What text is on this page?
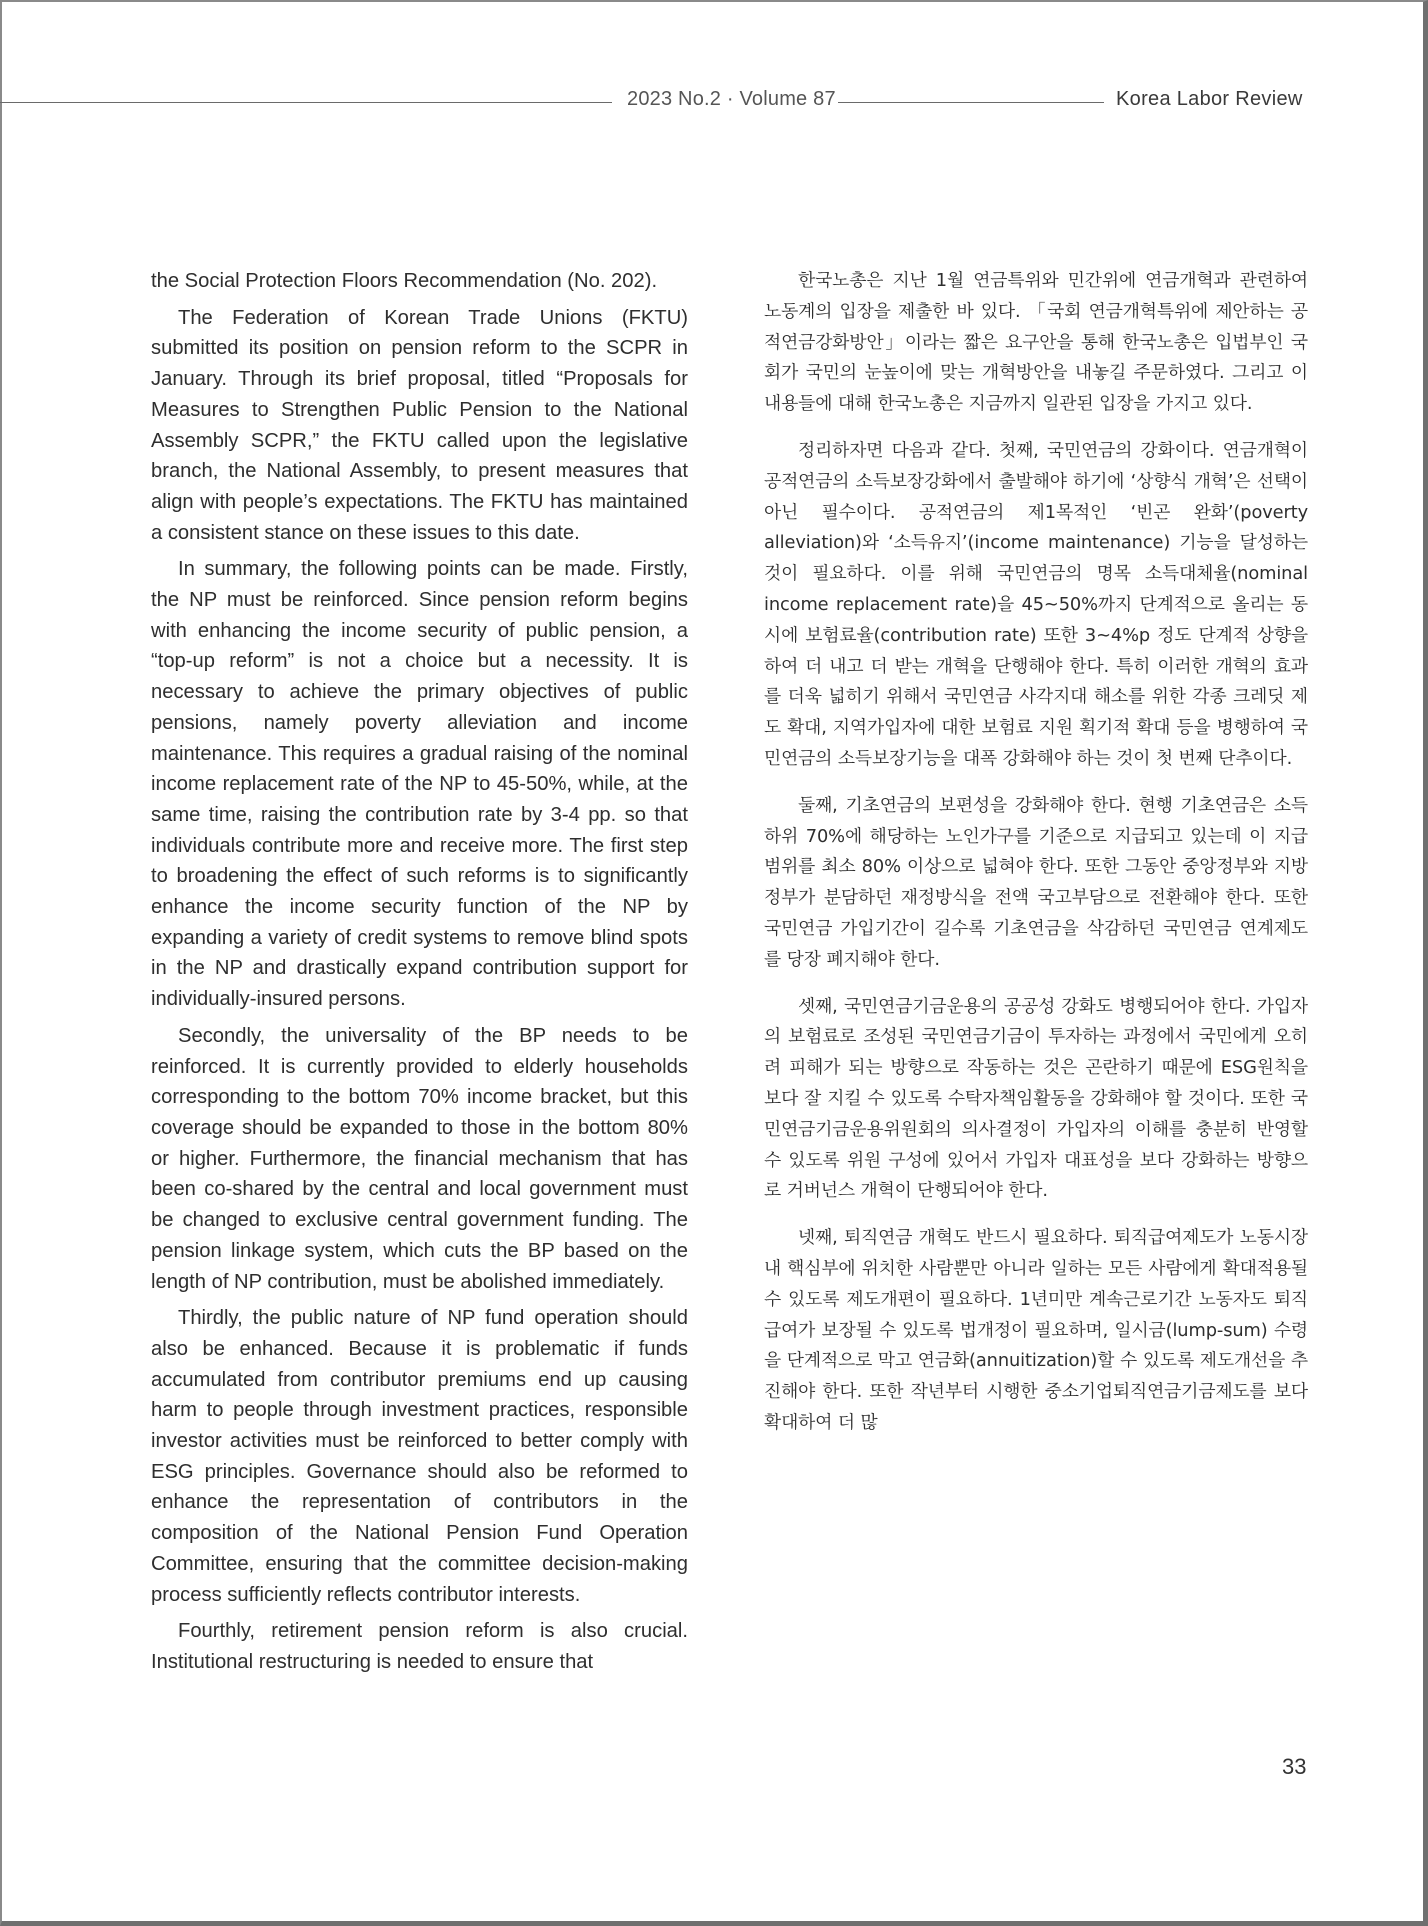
2023 No.2 · Volume 87	Korea Labor Review

the Social Protection Floors Recommendation (No. 202).

The Federation of Korean Trade Unions (FKTU) submitted its position on pension reform to the SCPR in January. Through its brief proposal, titled “Proposals for Measures to Strengthen Public Pension to the National Assembly SCPR,” the FKTU called upon the legislative branch, the National Assembly, to present measures that align with people’s expectations. The FKTU has maintained a consistent stance on these issues to this date.

In summary, the following points can be made. Firstly, the NP must be reinforced. Since pension reform begins with enhancing the income security of public pension, a “top-up reform” is not a choice but a necessity. It is necessary to achieve the primary objectives of public pensions, namely poverty alleviation and income maintenance. This requires a gradual raising of the nominal income replacement rate of the NP to 45-50%, while, at the same time, raising the contribution rate by 3-4 pp. so that individuals contribute more and receive more. The first step to broadening the effect of such reforms is to significantly enhance the income security function of the NP by expanding a variety of credit systems to remove blind spots in the NP and drastically expand contribution support for individually-insured persons.

Secondly, the universality of the BP needs to be reinforced. It is currently provided to elderly households corresponding to the bottom 70% income bracket, but this coverage should be expanded to those in the bottom 80% or higher. Furthermore, the financial mechanism that has been co-shared by the central and local government must be changed to exclusive central government funding. The pension linkage system, which cuts the BP based on the length of NP contribution, must be abolished immediately.

Thirdly, the public nature of NP fund operation should also be enhanced. Because it is problematic if funds accumulated from contributor premiums end up causing harm to people through investment practices, responsible investor activities must be reinforced to better comply with ESG principles. Governance should also be reformed to enhance the representation of contributors in the composition of the National Pension Fund Operation Committee, ensuring that the committee decision-making process sufficiently reflects contributor interests.

Fourthly, retirement pension reform is also crucial. Institutional restructuring is needed to ensure that

한국노총은 지난 1월 연금특위와 민간위에 연금개혁과 관련하여 노동계의 입장을 제출한 바 있다. 「국회 연금개혁특위에 제안하는 공적연금강화방안」이라는 짧은 요구안을 통해 한국노총은 입법부인 국회가 국민의 눈높이에 맞는 개혁방안을 내놓길 주문하였다. 그리고 이 내용들에 대해 한국노총은 지금까지 일관된 입장을 가지고 있다.

정리하자면 다음과 같다. 첫째, 국민연금의 강화이다. 연금개혁이 공적연금의 소득보장강화에서 출발해야 하기에 ‘상향식 개혁’은 선택이 아닌 필수이다. 공적연금의 제1목적인 ‘빈곤 완화’(poverty alleviation)와 ‘소득유지’(income maintenance) 기능을 달성하는 것이 필요하다. 이를 위해 국민연금의 명목 소득대체율(nominal income replacement rate)을 45~50%까지 단계적으로 올리는 동시에 보험료율(contribution rate) 또한 3~4%p 정도 단계적 상향을 하여 더 내고 더 받는 개혁을 단행해야 한다. 특히 이러한 개혁의 효과를 더욱 넓히기 위해서 국민연금 사각지대 해소를 위한 각종 크레딧 제도 확대, 지역가입자에 대한 보험료 지원 획기적 확대 등을 병행하여 국민연금의 소득보장기능을 대폭 강화해야 하는 것이 첫 번째 단추이다.

둘째, 기초연금의 보편성을 강화해야 한다. 현행 기초연금은 소득하위 70%에 해당하는 노인가구를 기준으로 지급되고 있는데 이 지급범위를 최소 80% 이상으로 넓혀야 한다. 또한 그동안 중앙정부와 지방정부가 분담하던 재정방식을 전액 국고부담으로 전환해야 한다. 또한 국민연금 가입기간이 길수록 기초연금을 삭감하던 국민연금 연계제도를 당장 폐지해야 한다.

셋째, 국민연금기금운용의 공공성 강화도 병행되어야 한다. 가입자의 보험료로 조성된 국민연금기금이 투자하는 과정에서 국민에게 오히려 피해가 되는 방향으로 작동하는 것은 곤란하기 때문에 ESG원칙을 보다 잘 지킬 수 있도록 수탁자책임활동을 강화해야 할 것이다. 또한 국민연금기금운용위원회의 의사결정이 가입자의 이해를 충분히 반영할 수 있도록 위원 구성에 있어서 가입자 대표성을 보다 강화하는 방향으로 거버넌스 개혁이 단행되어야 한다.

넷째, 퇴직연금 개혁도 반드시 필요하다. 퇴직급여제도가 노동시장 내 핵심부에 위치한 사람뿐만 아니라 일하는 모든 사람에게 확대적용될 수 있도록 제도개편이 필요하다. 1년미만 계속근로기간 노동자도 퇴직급여가 보장될 수 있도록 법개정이 필요하며, 일시금(lump-sum) 수령을 단계적으로 막고 연금화(annuitization)할 수 있도록 제도개선을 추진해야 한다. 또한 작년부터 시행한 중소기업퇴직연금기금제도를 보다 확대하여 더 많

33
